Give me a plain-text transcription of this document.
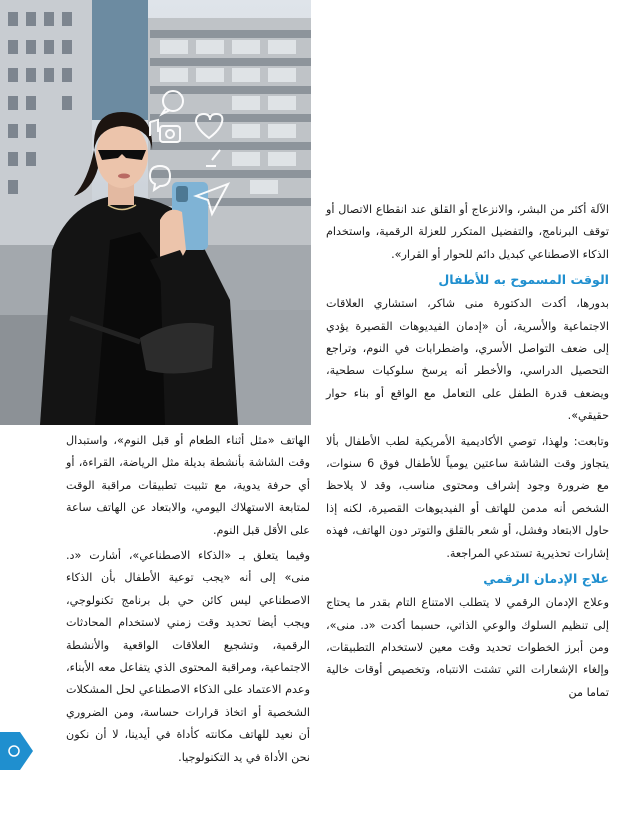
الآلة أكثر من البشر، والانزعاج أو القلق عند انقطاع الاتصال أو توقف البرنامج، والتفضيل المتكرر للعزلة الرقمية، واستخدام الذكاء الاصطناعي كبديل دائم للحوار أو القرار».

الوقت المسموح به للأطفال

بدورها، أكدت الدكتورة منى شاكر، استشاري العلاقات الاجتماعية والأسرية، أن «إدمان الفيديوهات القصيرة يؤدي إلى ضعف التواصل الأسري، واضطرابات في النوم، وتراجع التحصيل الدراسي، والأخطر أنه يرسخ سلوكيات سطحية، ويضعف قدرة الطفل على التعامل مع الواقع أو بناء حوار حقيقي».

وتابعت: ولهذا، توصي الأكاديمية الأمريكية لطب الأطفال بألا يتجاوز وقت الشاشة ساعتين يومياً للأطفال فوق 6 سنوات، مع ضرورة وجود إشراف ومحتوى مناسب، وقد لا يلاحظ الشخص أنه مدمن للهاتف أو الفيديوهات القصيرة، لكنه إذا حاول الابتعاد وفشل، أو شعر بالقلق والتوتر دون الهاتف، فهذه إشارات تحذيرية تستدعي المراجعة.

علاج الإدمان الرقمي

وعلاج الإدمان الرقمي لا يتطلب الامتناع التام بقدر ما يحتاج إلى تنظيم السلوك والوعي الذاتي، حسبما أكدت «د. منى»، ومن أبرز الخطوات تحديد وقت معين لاستخدام التطبيقات، وإلغاء الإشعارات التي تشتت الانتباه، وتخصيص أوقات خالية تماما من

الهاتف «مثل أثناء الطعام أو قبل النوم»، واستبدال وقت الشاشة بأنشطة بديلة مثل الرياضة، القراءة، أو أي حرفة يدوية، مع تثبيت تطبيقات مراقبة الوقت لمتابعة الاستهلاك اليومي، والابتعاد عن الهاتف ساعة على الأقل قبل النوم.

وفيما يتعلق بـ «الذكاء الاصطناعي»، أشارت «د. منى» إلى أنه «يجب توعية الأطفال بأن الذكاء الاصطناعي ليس كائن حي بل برنامج تكنولوجي، ويجب أيضا تحديد وقت زمني لاستخدام المحادثات الرقمية، وتشجيع العلاقات الواقعية والأنشطة الاجتماعية، ومراقبة المحتوى الذي يتفاعل معه الأبناء، وعدم الاعتماد على الذكاء الاصطناعي لحل المشكلات الشخصية أو اتخاذ قرارات حساسة، ومن الضروري أن نعيد للهاتف مكانته كأداة في أيدينا، لا أن نكون نحن الأداة في يد التكنولوجيا.
